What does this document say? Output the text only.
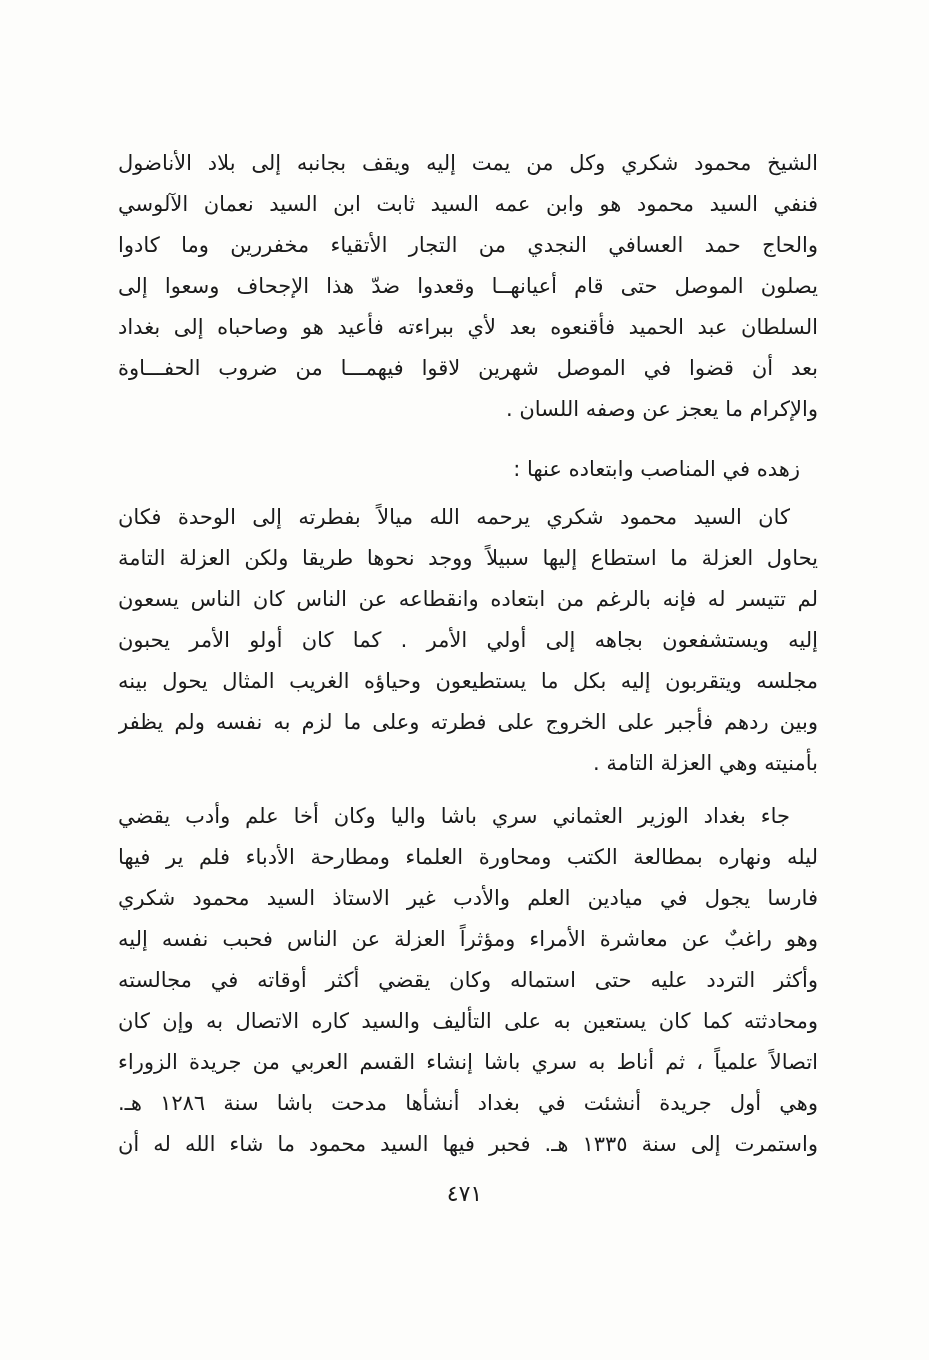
الشيخ محمود شكري وكل من يمت إليه ويقف بجانبه إلى بلاد الأناضول
فنفي السيد محمود هو وابن عمه السيد ثابت ابن السيد نعمان الآلوسي
والحاج حمد العسافي النجدي من التجار الأتقياء مخفررين وما كادوا
يصلون الموصل حتى قام أعيانهــا وقعدوا ضدّ هذا الإجحاف وسعوا إلى
السلطان عبد الحميد فأقنعوه بعد لأي ببراءته فأعيد هو وصاحباه إلى بغداد
بعد أن قضوا في الموصل شهرين لاقوا فيهمـــا من ضروب الحفـــاوة
والإكرام ما يعجز عن وصفه اللسان .
زهده في المناصب وابتعاده عنها :
كان السيد محمود شكري يرحمه الله ميالاً بفطرته إلى الوحدة فكان
يحاول العزلة ما استطاع إليها سبيلاً ووجد نحوها طريقا ولكن العزلة التامة
لم تتيسر له فإنه بالرغم من ابتعاده وانقطاعه عن الناس كان الناس يسعون
إليه ويستشفعون بجاهه إلى أولي الأمر . كما كان أولو الأمر يحبون
مجلسه ويتقربون إليه بكل ما يستطيعون وحياؤه الغريب المثال يحول بينه
وبين ردهم فأجبر على الخروج على فطرته وعلى ما لزم به نفسه ولم يظفر
بأمنيته وهي العزلة التامة .
جاء بغداد الوزير العثماني سري باشا واليا وكان أخا علم وأدب يقضي
ليله ونهاره بمطالعة الكتب ومحاورة العلماء ومطارحة الأدباء فلم ير فيها
فارسا يجول في ميادين العلم والأدب غير الاستاذ السيد محمود شكري
وهو راغبٌ عن معاشرة الأمراء ومؤثراً العزلة عن الناس فحبب نفسه إليه
وأكثر التردد عليه حتى استماله وكان يقضي أكثر أوقاته في مجالسته
ومحادثته كما كان يستعين به على التأليف والسيد كاره الاتصال به وإن كان
اتصالاً علمياً ، ثم أناط به سري باشا إنشاء القسم العربي من جريدة الزوراء
وهي أول جريدة أنشئت في بغداد أنشأها مدحت باشا سنة ١٢٨٦ هـ.
واستمرت إلى سنة ١٣٣٥ هـ. فحبر فيها السيد محمود ما شاء الله له أن
٤٧١
